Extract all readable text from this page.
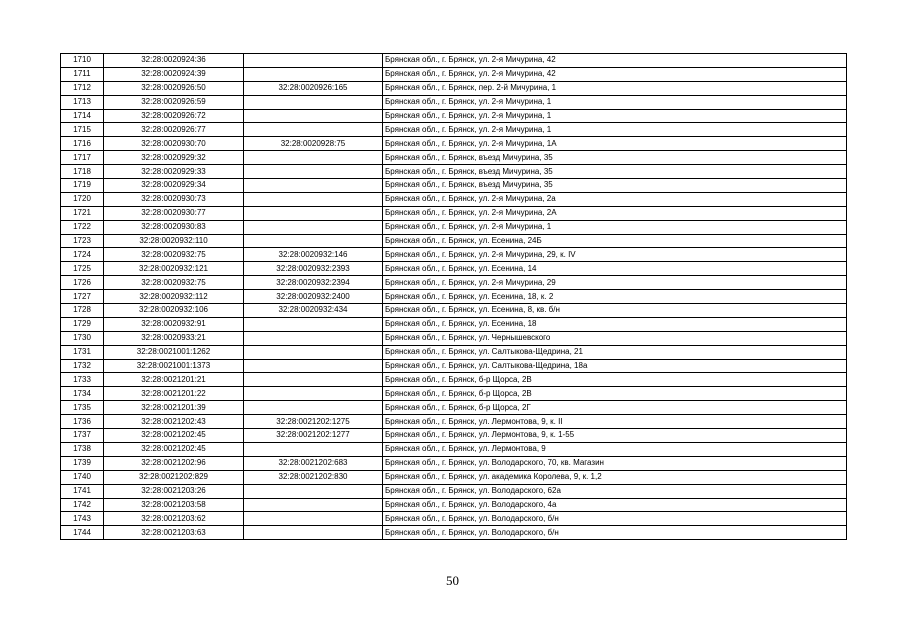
1710	32:28:0020924:36		Брянская обл., г. Брянск, ул. 2-я Мичурина, 42
1711	32:28:0020924:39		Брянская обл., г. Брянск, ул. 2-я Мичурина, 42
1712	32:28:0020926:50	32:28:0020926:165	Брянская обл., г. Брянск, пер. 2-й Мичурина, 1
1713	32:28:0020926:59		Брянская обл., г. Брянск, ул. 2-я Мичурина, 1
1714	32:28:0020926:72		Брянская обл., г. Брянск, ул. 2-я Мичурина, 1
1715	32:28:0020926:77		Брянская обл., г. Брянск, ул. 2-я Мичурина, 1
1716	32:28:0020930:70	32:28:0020928:75	Брянская обл., г. Брянск, ул. 2-я Мичурина, 1А
1717	32:28:0020929:32		Брянская обл., г. Брянск, въезд Мичурина, 35
1718	32:28:0020929:33		Брянская обл., г. Брянск, въезд Мичурина, 35
1719	32:28:0020929:34		Брянская обл., г. Брянск, въезд Мичурина, 35
1720	32:28:0020930:73		Брянская обл., г. Брянск, ул. 2-я Мичурина, 2а
1721	32:28:0020930:77		Брянская обл., г. Брянск, ул. 2-я Мичурина, 2А
1722	32:28:0020930:83		Брянская обл., г. Брянск, ул. 2-я Мичурина, 1
1723	32:28:0020932:110		Брянская обл., г. Брянск, ул. Есенина, 24Б
1724	32:28:0020932:75	32:28:0020932:146	Брянская обл., г. Брянск, ул. 2-я Мичурина, 29, к. IV
1725	32:28:0020932:121	32:28:0020932:2393	Брянская обл., г. Брянск, ул. Есенина, 14
1726	32:28:0020932:75	32:28:0020932:2394	Брянская обл., г. Брянск, ул. 2-я Мичурина, 29
1727	32:28:0020932:112	32:28:0020932:2400	Брянская обл., г. Брянск, ул. Есенина, 18, к. 2
1728	32:28:0020932:106	32:28:0020932:434	Брянская обл., г. Брянск, ул. Есенина, 8, кв. б/н
1729	32:28:0020932:91		Брянская обл., г. Брянск, ул. Есенина, 18
1730	32:28:0020933:21		Брянская обл., г. Брянск, ул. Чернышевского
1731	32:28:0021001:1262		Брянская обл., г. Брянск, ул. Салтыкова-Щедрина, 21
1732	32:28:0021001:1373		Брянская обл., г. Брянск, ул. Салтыкова-Щедрина, 18а
1733	32:28:0021201:21		Брянская обл., г. Брянск, б-р Щорса, 2В
1734	32:28:0021201:22		Брянская обл., г. Брянск, б-р Щорса, 2В
1735	32:28:0021201:39		Брянская обл., г. Брянск, б-р Щорса, 2Г
1736	32:28:0021202:43	32:28:0021202:1275	Брянская обл., г. Брянск, ул. Лермонтова, 9, к. II
1737	32:28:0021202:45	32:28:0021202:1277	Брянская обл., г. Брянск, ул. Лермонтова, 9, к. 1-55
1738	32:28:0021202:45		Брянская обл., г. Брянск, ул. Лермонтова, 9
1739	32:28:0021202:96	32:28:0021202:683	Брянская обл., г. Брянск, ул. Володарского, 70, кв. Магазин
1740	32:28:0021202:829	32:28:0021202:830	Брянская обл., г. Брянск, ул. академика Королева, 9, к. 1,2
1741	32:28:0021203:26		Брянская обл., г. Брянск, ул. Володарского, 62а
1742	32:28:0021203:58		Брянская обл., г. Брянск, ул. Володарского, 4а
1743	32:28:0021203:62		Брянская обл., г. Брянск, ул. Володарского, б/н
1744	32:28:0021203:63		Брянская обл., г. Брянск, ул. Володарского, б/н
50
